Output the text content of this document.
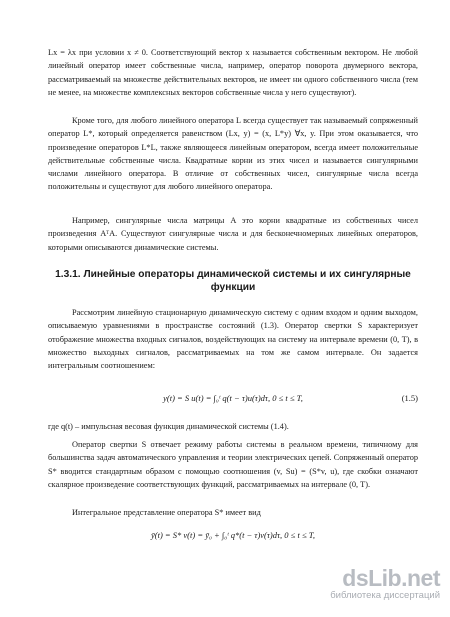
Lx = λx при условии x ≠ 0. Соответствующий вектор x называется собственным вектором. Не любой линейный оператор имеет собственные числа, например, оператор поворота двумерного вектора, рассматриваемый на множестве действительных векторов, не имеет ни одного собственного числа (тем не менее, на множестве комплексных векторов собственные числа у него существуют).

Кроме того, для любого линейного оператора L всегда существует так называемый сопряженный оператор L*, который определяется равенством (Lx, y) = (x, L*y) ∀x, y. При этом оказывается, что произведение операторов L*L, также являющееся линейным оператором, всегда имеет положительные действительные собственные числа. Квадратные корни из этих чисел и называется сингулярными числами линейного оператора. В отличие от собственных чисел, сингулярные числа всегда положительны и существуют для любого линейного оператора.

Например, сингулярные числа матрицы A это корни квадратные из собственных чисел произведения AᵀA. Существуют сингулярные числа и для бесконечномерных линейных операторов, которыми описываются динамические системы.

1.3.1. Линейные операторы динамической системы и их сингулярные функции

Рассмотрим линейную стационарную динамическую систему с одним входом и одним выходом, описываемую уравнениями в пространстве состояний (1.3). Оператор свертки S характеризует отображение множества входных сигналов, воздействующих на систему на интервале времени (0, T), в множество выходных сигналов, рассматриваемых на том же самом интервале. Он задается интегральным соотношением:

y(t) = S u(t) = ∫₀ᵗ q(t − τ)u(τ)dτ, 0 ≤ t ≤ T,	(1.5)

где q(t) – импульсная весовая функция динамической системы (1.4).

Оператор свертки S отвечает режиму работы системы в реальном времени, типичному для большинства задач автоматического управления и теории электрических цепей. Сопряженный оператор S* вводится стандартным образом с помощью соотношения (v, Su) = (S*v, u), где скобки означают скалярное произведение соответствующих функций, рассматриваемых на интервале (0, T).

Интегральное представление оператора S* имеет вид

ȳ(t) = S* v(t) = ȳ₀ + ∫₀ᵗ q*(t − τ)v(τ)dτ, 0 ≤ t ≤ T,
dsLib.net
библиотека диссертаций
